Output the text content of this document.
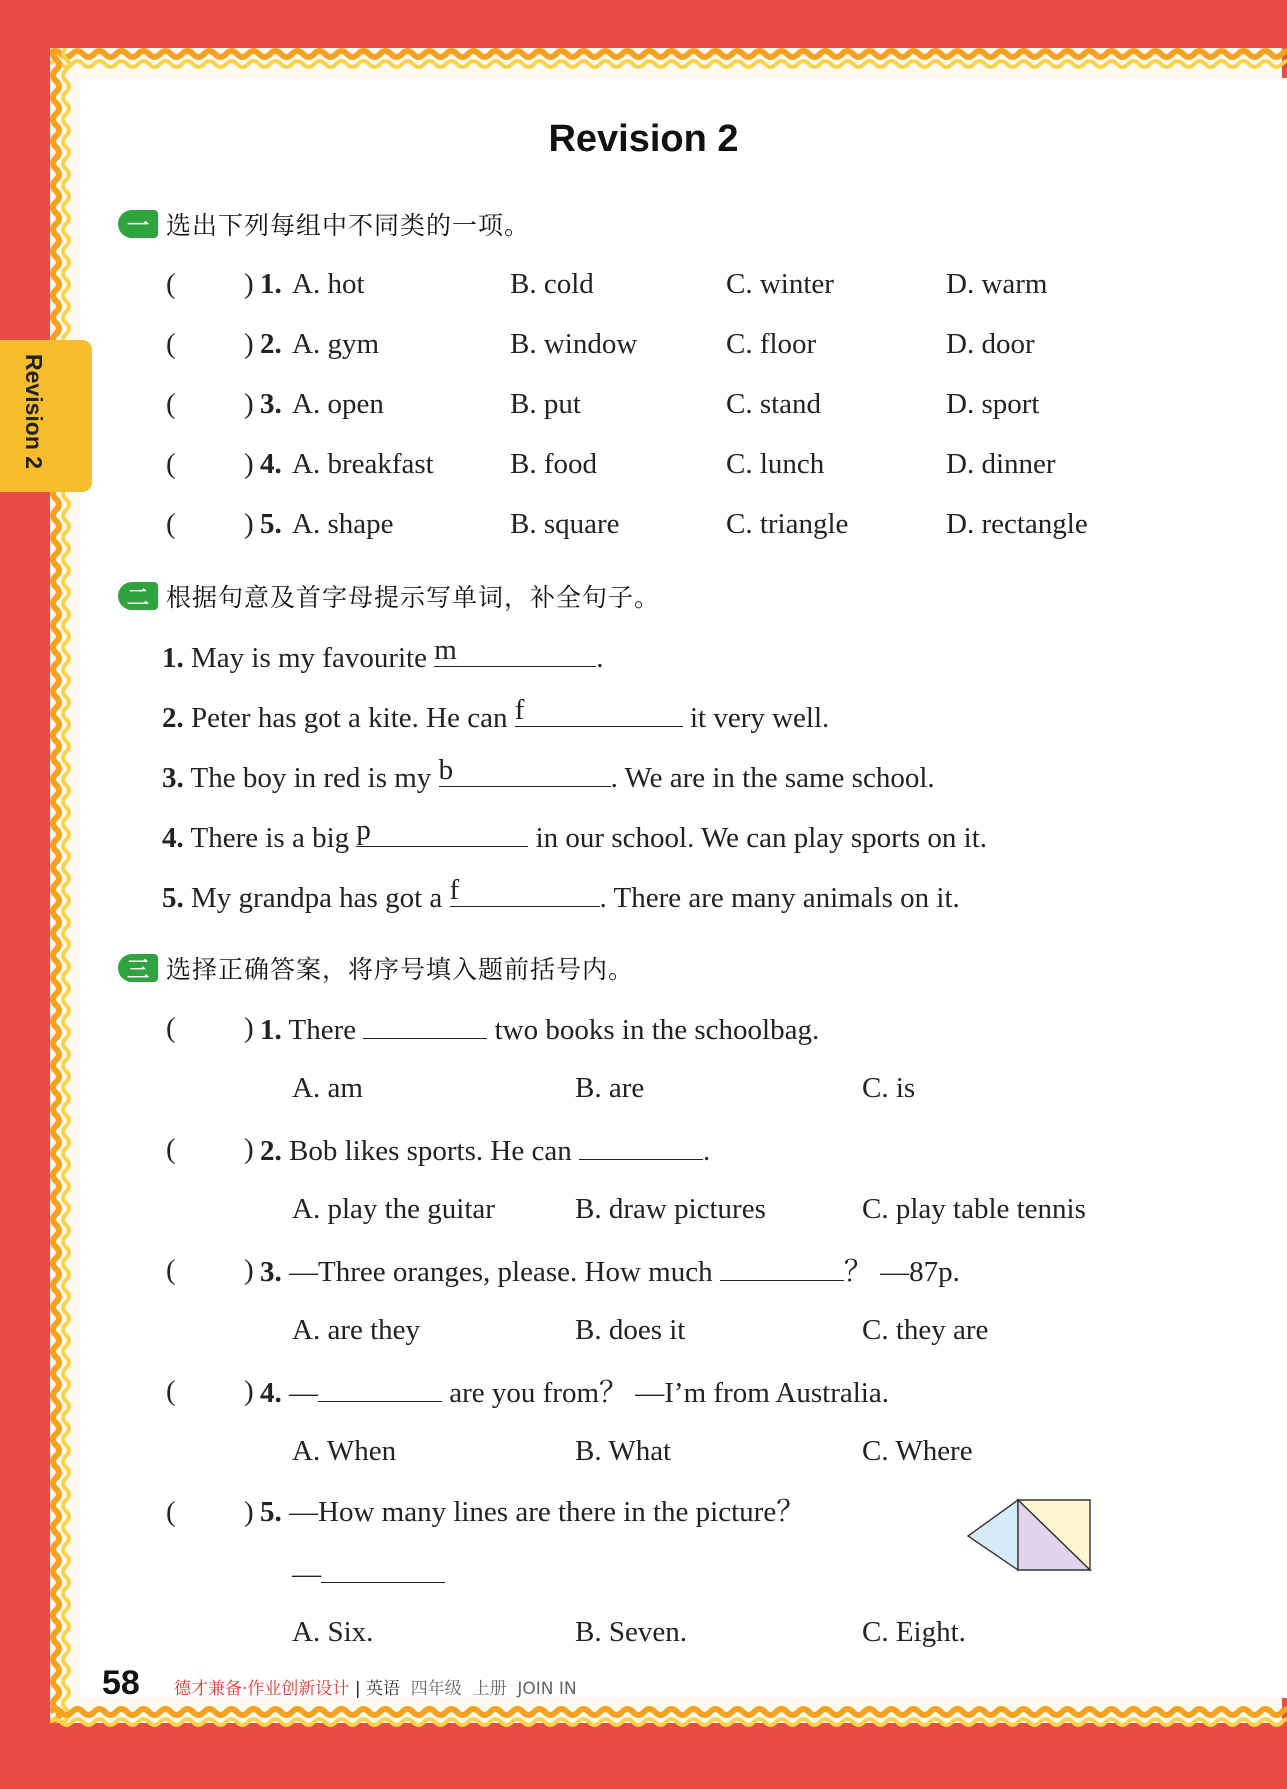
Revision 2
Revision 2
一 选出下列每组中不同类的一项。
( ) 1. A. hot	B. cold	C. winter	D. warm
( ) 2. A. gym	B. window	C. floor	D. door
( ) 3. A. open	B. put	C. stand	D. sport
( ) 4. A. breakfast	B. food	C. lunch	D. dinner
( ) 5. A. shape	B. square	C. triangle	D. rectangle
二 根据句意及首字母提示写单词，补全句子。
1. May is my favourite m	.
2. Peter has got a kite. He can f	it very well.
3. The boy in red is my b	. We are in the same school.
4. There is a big p	in our school. We can play sports on it.
5. My grandpa has got a f	. There are many animals on it.
三 选择正确答案，将序号填入题前括号内。
( ) 1. There	two books in the schoolbag.
A. am	B. are	C. is
( ) 2. Bob likes sports. He can	.
A. play the guitar	B. draw pictures	C. play table tennis
( ) 3. —Three oranges, please. How much	？ —87p.
A. are they	B. does it	C. they are
( ) 4. —	are you from？ —I’m from Australia.
A. When	B. What	C. Where
( ) 5. —How many lines are there in the picture？
—
A. Six.	B. Seven.	C. Eight.
58 德才兼备·作业创新设计 | 英语 四年级 上册 JOIN IN
